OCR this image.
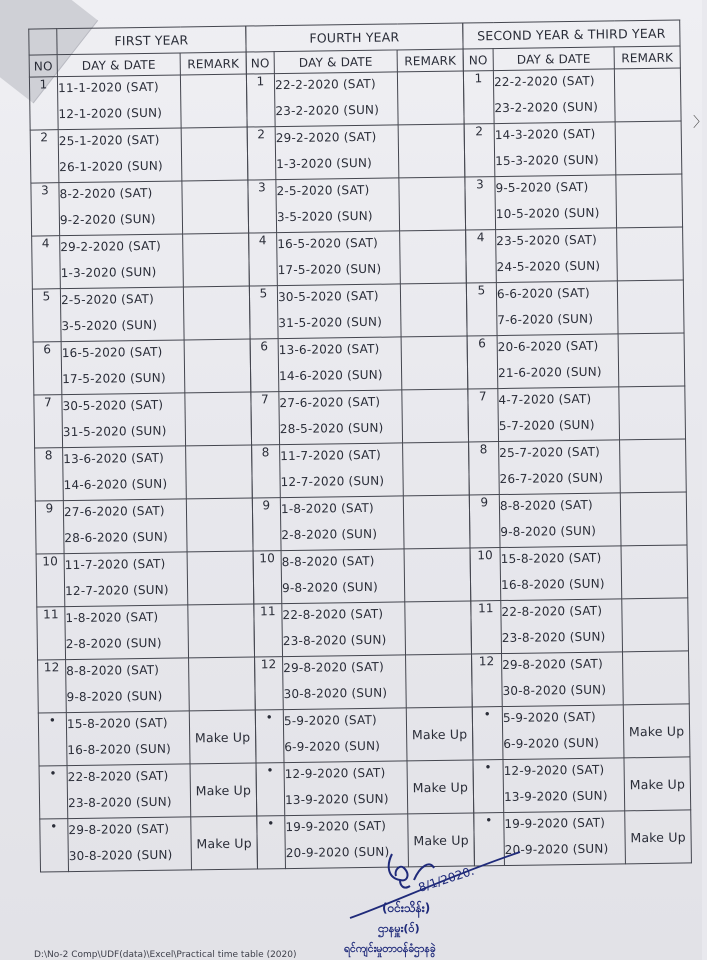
〉
	FIRST YEAR	
NO	DAY & DATE	REMARK
1	11-1-2020 (SAT)
12-1-2020 (SUN)	

2	25-1-2020 (SAT)
26-1-2020 (SUN)	

3	8-2-2020 (SAT)
9-2-2020 (SUN)	

4	29-2-2020 (SAT)
1-3-2020 (SUN)	

5	2-5-2020 (SAT)
3-5-2020 (SUN)	

6	16-5-2020 (SAT)
17-5-2020 (SUN)	

7	30-5-2020 (SAT)
31-5-2020 (SUN)	

8	13-6-2020 (SAT)
14-6-2020 (SUN)	

9	27-6-2020 (SAT)
28-6-2020 (SUN)	

10	11-7-2020 (SAT)
12-7-2020 (SUN)	

11	1-8-2020 (SAT)
2-8-2020 (SUN)	

12	8-8-2020 (SAT)
9-8-2020 (SUN)	

•	15-8-2020 (SAT)
16-8-2020 (SUN)	Make Up
•	22-8-2020 (SAT)
23-8-2020 (SUN)	Make Up
•	29-8-2020 (SAT)
30-8-2020 (SUN)	Make Up
FOURTH YEAR		
NO	DAY & DATE	REMARK
1	22-2-2020 (SAT)
23-2-2020 (SUN)	

2	29-2-2020 (SAT)
1-3-2020 (SUN)	

3	2-5-2020 (SAT)
3-5-2020 (SUN)	

4	16-5-2020 (SAT)
17-5-2020 (SUN)	

5	30-5-2020 (SAT)
31-5-2020 (SUN)	

6	13-6-2020 (SAT)
14-6-2020 (SUN)	

7	27-6-2020 (SAT)
28-5-2020 (SUN)	

8	11-7-2020 (SAT)
12-7-2020 (SUN)	

9	1-8-2020 (SAT)
2-8-2020 (SUN)	

10	8-8-2020 (SAT)
9-8-2020 (SUN)	

11	22-8-2020 (SAT)
23-8-2020 (SUN)	

12	29-8-2020 (SAT)
30-8-2020 (SUN)	

•	5-9-2020 (SAT)
6-9-2020 (SUN)	Make Up
•	12-9-2020 (SAT)
13-9-2020 (SUN)	Make Up
•	19-9-2020 (SAT)
20-9-2020 (SUN)	Make Up
SECOND YEAR & THIRD YEAR		
NO	DAY & DATE	REMARK
1	22-2-2020 (SAT)
23-2-2020 (SUN)	

2	14-3-2020 (SAT)
15-3-2020 (SUN)	

3	9-5-2020 (SAT)
10-5-2020 (SUN)	

4	23-5-2020 (SAT)
24-5-2020 (SUN)	

5	6-6-2020 (SAT)
7-6-2020 (SUN)	

6	20-6-2020 (SAT)
21-6-2020 (SUN)	

7	4-7-2020 (SAT)
5-7-2020 (SUN)	

8	25-7-2020 (SAT)
26-7-2020 (SUN)	

9	8-8-2020 (SAT)
9-8-2020 (SUN)	

10	15-8-2020 (SAT)
16-8-2020 (SUN)	

11	22-8-2020 (SAT)
23-8-2020 (SUN)	

12	29-8-2020 (SAT)
30-8-2020 (SUN)	

•	5-9-2020 (SAT)
6-9-2020 (SUN)	Make Up
•	12-9-2020 (SAT)
13-9-2020 (SUN)	Make Up
•	19-9-2020 (SAT)
20-9-2020 (SUN)	Make Up
8/1/2020.
(ဝင်းသိန်း)
ဌာနမှူး(ဝ်)
ရင်ကျင်းမှုတာဝန်ခံဌာနခွဲ
D:\No-2 Comp\UDF(data)\Excel\Practical time table (2020)
